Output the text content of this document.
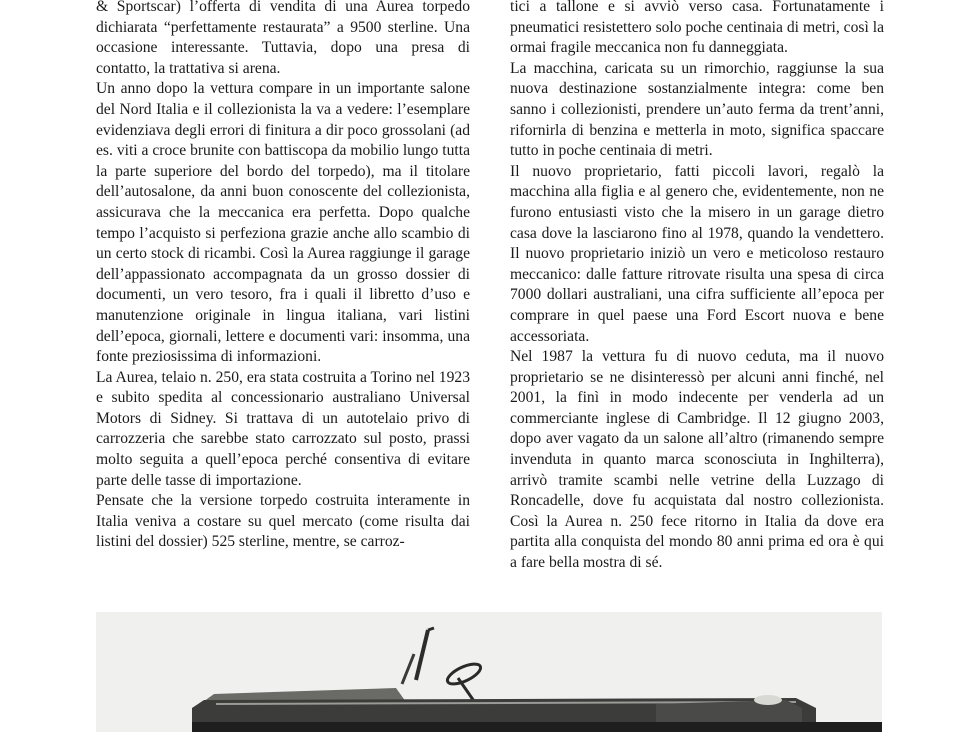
& Sportscar) l’offerta di vendita di una Aurea torpedo dichiarata “perfettamente restaurata” a 9500 sterline. Una occasione interessante. Tuttavia, dopo una presa di contatto, la trattativa si arena.

Un anno dopo la vettura compare in un importante salone del Nord Italia e il collezionista la va a vedere: l’esemplare evidenziava degli errori di finitura a dir poco grossolani (ad es. viti a croce brunite con battiscopa da mobilio lungo tutta la parte superiore del bordo del torpedo), ma il titolare dell’autosalone, da anni buon conoscente del collezionista, assicurava che la meccanica era perfetta. Dopo qualche tempo l’acquisto si perfeziona grazie anche allo scambio di un certo stock di ricambi. Così la Aurea raggiunge il garage dell’appassionato accompagnata da un grosso dossier di documenti, un vero tesoro, fra i quali il libretto d’uso e manutenzione originale in lingua italiana, vari listini dell’epoca, giornali, lettere e documenti vari: insomma, una fonte preziosissima di informazioni.

La Aurea, telaio n. 250, era stata costruita a Torino nel 1923 e subito spedita al concessionario australiano Universal Motors di Sidney. Si trattava di un autotelaio privo di carrozzeria che sarebbe stato carrozzato sul posto, prassi molto seguita a quell’epoca perché consentiva di evitare parte delle tasse di importazione.

Pensate che la versione torpedo costruita interamente in Italia veniva a costare su quel mercato (come risulta dai listini del dossier) 525 sterline, mentre, se carroz-

tici a tallone e si avviò verso casa. Fortunatamente i pneumatici resistettero solo poche centinaia di metri, così la ormai fragile meccanica non fu danneggiata.

La macchina, caricata su un rimorchio, raggiunse la sua nuova destinazione sostanzialmente integra: come ben sanno i collezionisti, prendere un’auto ferma da trent’anni, rifornirla di benzina e metterla in moto, significa spaccare tutto in poche centinaia di metri.

Il nuovo proprietario, fatti piccoli lavori, regalò la macchina alla figlia e al genero che, evidentemente, non ne furono entusiasti visto che la misero in un garage dietro casa dove la lasciarono fino al 1978, quando la vendettero. Il nuovo proprietario iniziò un vero e meticoloso restauro meccanico: dalle fatture ritrovate risulta una spesa di circa 7000 dollari australiani, una cifra sufficiente all’epoca per comprare in quel paese una Ford Escort nuova e bene accessoriata.

Nel 1987 la vettura fu di nuovo ceduta, ma il nuovo proprietario se ne disinteressò per alcuni anni finché, nel 2001, la finì in modo indecente per venderla ad un commerciante inglese di Cambridge. Il 12 giugno 2003, dopo aver vagato da un salone all’altro (rimanendo sempre invenduta in quanto marca sconosciuta in Inghilterra), arrivò tramite scambi nelle vetrine della Luzzago di Roncadelle, dove fu acquistata dal nostro collezionista. Così la Aurea n. 250 fece ritorno in Italia da dove era partita alla conquista del mondo 80 anni prima ed ora è qui a fare bella mostra di sé.
